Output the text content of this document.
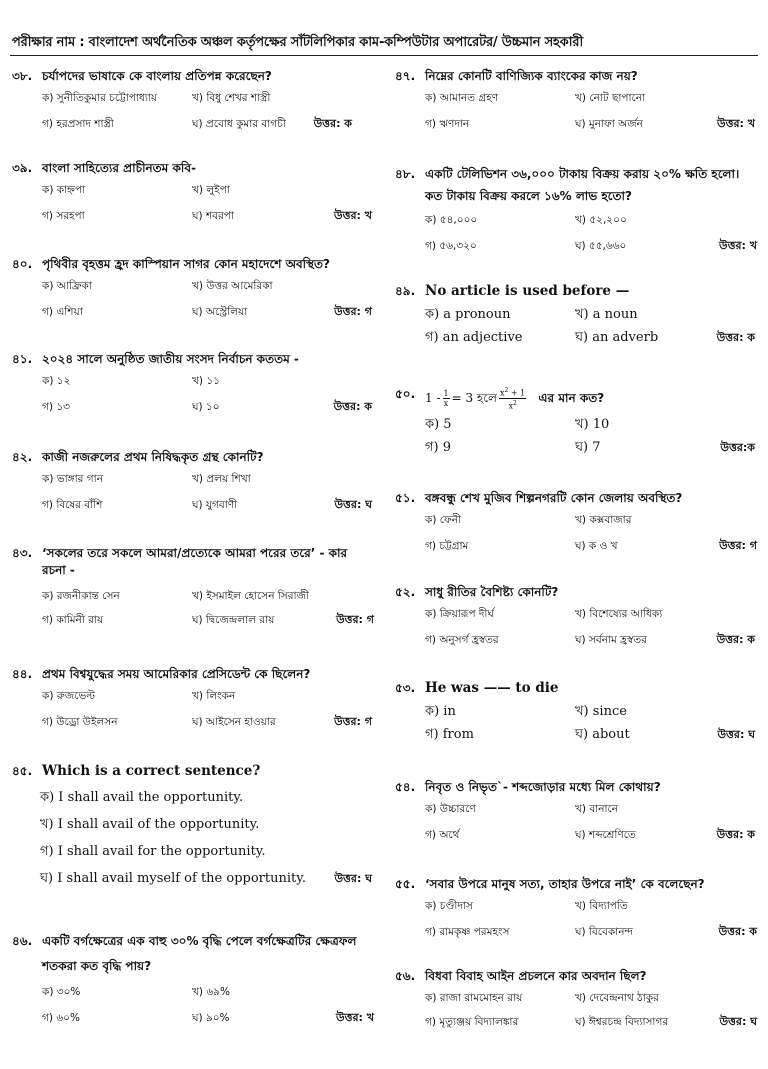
পরীক্ষার নাম : বাংলাদেশ অর্থনৈতিক অঞ্চল কর্তৃপক্ষের সাঁটলিপিকার কাম-কম্পিউটার অপারেটর/ উচ্চমান সহকারী
৩৮. চর্যাপদের ভাষাকে কে বাংলায় প্রতিপন্ন করেছেন?
ক) সুনীতিকুমার চট্টোপাধ্যায়	খ) বিধু শেখর শাস্ত্রী
গ) হরপ্রসাদ শাস্ত্রী	ঘ) প্রবোধ কুমার বাগচী	উত্তর: ক
৩৯. বাংলা সাহিত্যের প্রাচীনতম কবি-
ক) কাহ্নপা	খ) লুইপা
গ) সরহপা	ঘ) শবরপা	উত্তর: খ
৪০. পৃথিবীর বৃহত্তম হ্রদ কাস্পিয়ান সাগর কোন মহাদেশে অবস্থিত?
ক) আফ্রিকা	খ) উত্তর আমেরিকা
গ) এশিয়া	ঘ) অস্ট্রেলিয়া	উত্তর: গ
৪১. ২০২৪ সালে অনুষ্ঠিত জাতীয় সংসদ নির্বাচন কততম -
ক) ১২	খ) ১১
গ) ১৩	ঘ) ১০	উত্তর: ক
৪২. কাজী নজরুলের প্রথম নিষিদ্ধকৃত গ্রন্থ কোনটি?
ক) ভাঙ্গার গান	খ) প্রলয় শিখা
গ) বিষের বাঁশি	ঘ) যুগবাণী	উত্তর: ঘ
৪৩. ‘সকলের তরে সকলে আমরা/প্রত্যেকে আমরা পরের তরে’ - কার রচনা -
ক) রজনীকান্ত সেন	খ) ইসমাইল হোসেন সিরাজী
গ) কামিনী রায়	ঘ) দ্বিজেন্দ্রলাল রায়	উত্তর: গ
৪৪. প্রথম বিশ্বযুদ্ধের সময় আমেরিকার প্রেসিডেন্ট কে ছিলেন?
ক) রুজভেল্ট	খ) লিংকন
গ) উড্রো উইলসন	ঘ) আইসেন হাওয়ার	উত্তর: গ
৪৫. Which is a correct sentence?
ক) I shall avail the opportunity.
খ) I shall avail of the opportunity.
গ) I shall avail for the opportunity.
ঘ) I shall avail myself of the opportunity.	উত্তর: ঘ
৪৬. একটি বর্গক্ষেত্রের এক বাহু ৩০% বৃদ্ধি পেলে বর্গক্ষেত্রটির ক্ষেত্রফল শতকরা কত বৃদ্ধি পায়?
ক) ৩০%	খ) ৬৯%
গ) ৬০%	ঘ) ৯০%	উত্তর: খ
৪৭. নিম্নের কোনটি বাণিজ্যিক ব্যাংকের কাজ নয়?
ক) আমানত গ্রহণ	খ) নোট ছাপানো
গ) ঋণদান	ঘ) মুনাফা অর্জন	উত্তর: খ
৪৮. একটি টেলিভিশন ৩৬,০০০ টাকায় বিক্রয় করায় ২০% ক্ষতি হলো। কত টাকায় বিক্রয় করলে ১৬% লাভ হতো?
ক) ৫৪,০০০	খ) ৫২,২০০
গ) ৫৬,৩২০	ঘ) ৫৫,৬৬০	উত্তর: খ
৪৯. No article is used before —
ক) a pronoun	খ) a noun
গ) an adjective	ঘ) an adverb	উত্তর: ক
৫০. $1 - \frac{1}{x} = 3$ হলে $\frac{x^2 + 1}{x^2}$ এর মান কত?
ক) 5	খ) 10
গ) 9	ঘ) 7	উত্তর:ক
৫১. বঙ্গবন্ধু শেখ মুজিব শিল্পনগরটি কোন জেলায় অবস্থিত?
ক) ফেনী	খ) কক্সবাজার
গ) চট্টগ্রাম	ঘ) ক ও খ	উত্তর: গ
৫২. সাধু রীতির বৈশিষ্ট্য কোনটি?
ক) ক্রিয়ারূপ দীর্ঘ	খ) বিশেষ্যের আধিক্য
গ) অনুসর্গ হ্রস্বতর	ঘ) সর্বনাম হ্রস্বতর	উত্তর: ক
৫৩. He was —— to die
ক) in	খ) since
গ) from	ঘ) about	উত্তর: ঘ
৫৪. নিবৃত ও নিভৃত`- শব্দজোড়ার মধ্যে মিল কোথায়?
ক) উচ্চারণে	খ) বানানে
গ) অর্থে	ঘ) শব্দশ্রেণিতে	উত্তর: ক
৫৫. ‘সবার উপরে মানুষ সত্য, তাহার উপরে নাই’ কে বলেছেন?
ক) চণ্ডীদাস	খ) বিদ্যাপতি
গ) রামকৃষ্ণ পরমহংস	ঘ) বিবেকানন্দ	উত্তর: ক
৫৬. বিধবা বিবাহ আইন প্রচলনে কার অবদান ছিল?
ক) রাজা রামমোহন রায়	খ) দেবেন্দ্রনাথ ঠাকুর
গ) মৃত্যুঞ্জয় বিদ্যালঙ্কার	ঘ) ঈশ্বরচন্দ্র বিদ্যাসাগর	উত্তর: ঘ
